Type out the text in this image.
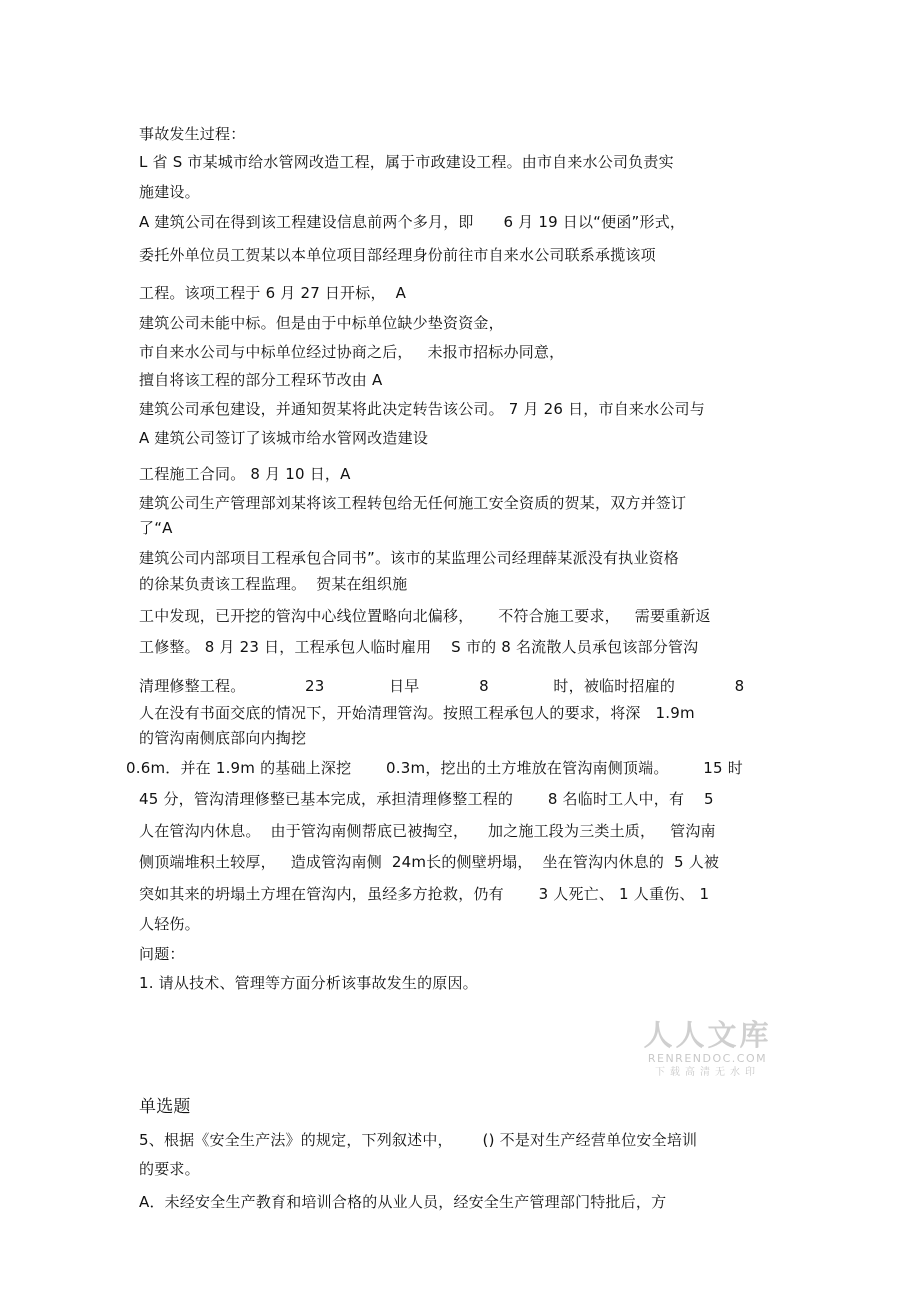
事故发生过程：
L 省 S 市某城市给水管网改造工程，属于市政建设工程。由市自来水公司负责实
施建设。
A 建筑公司在得到该工程建设信息前两个多月，即      6 月 19 日以“便函”形式，
委托外单位员工贺某以本单位项目部经理身份前往市自来水公司联系承揽该项
工程。该项工程于 6 月 27 日开标，  A
建筑公司未能中标。但是由于中标单位缺少垫资资金，
市自来水公司与中标单位经过协商之后，   未报市招标办同意，
擅自将该工程的部分工程环节改由 A
建筑公司承包建设，并通知贺某将此决定转告该公司。 7 月 26 日，市自来水公司与
A 建筑公司签订了该城市给水管网改造建设
工程施工合同。 8 月 10 日，A
建筑公司生产管理部刘某将该工程转包给无任何施工安全资质的贺某，双方并签订
了“A
建筑公司内部项目工程承包合同书”。该市的某监理公司经理薛某派没有执业资格
的徐某负责该工程监理。  贺某在组织施
工中发现，已开挖的管沟中心线位置略向北偏移，     不符合施工要求，   需要重新返
工修整。 8 月 23 日，工程承包人临时雇用    S 市的 8 名流散人员承包该部分管沟
清理修整工程。            23             日早            8             时，被临时招雇的            8
人在没有书面交底的情况下，开始清理管沟。按照工程承包人的要求，将深   1.9m
的管沟南侧底部向内掏挖
0.6m．并在 1.9m 的基础上深挖       0.3m，挖出的土方堆放在管沟南侧顶端。       15 时
45 分，管沟清理修整已基本完成，承担清理修整工程的       8 名临时工人中，有    5
人在管沟内休息。  由于管沟南侧帮底已被掏空，    加之施工段为三类土质，   管沟南
侧顶端堆积土较厚，   造成管沟南侧  24m长的侧壁坍塌，  坐在管沟内休息的  5 人被
突如其来的坍塌土方埋在管沟内，虽经多方抢救，仍有       3 人死亡、 1 人重伤、 1
人轻伤。
问题：
1. 请从技术、管理等方面分析该事故发生的原因。
人人文库
RENRENDOC.COM
下载高清无水印
单选题
5、根据《安全生产法》的规定，下列叙述中，      () 不是对生产经营单位安全培训
的要求。
A．未经安全生产教育和培训合格的从业人员，经安全生产管理部门特批后，方
